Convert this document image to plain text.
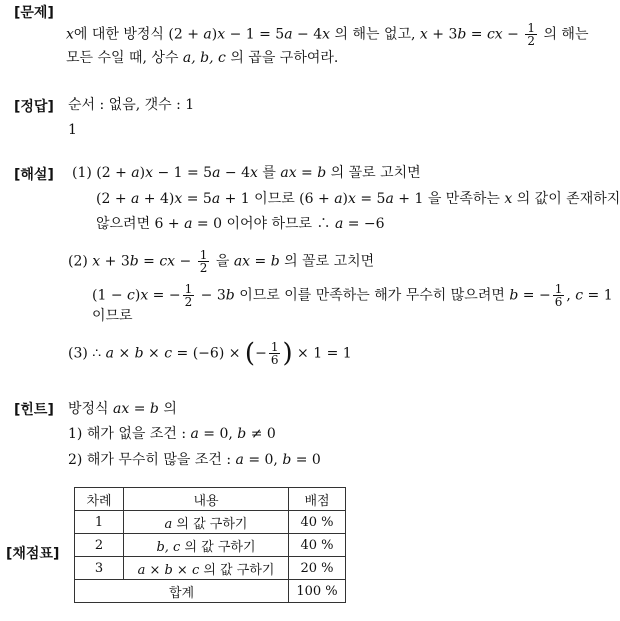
[문제]
[정답]
[해설]
[힌트]
[채점표]
x에 대한 방정식 (2 + a)x − 1 = 5a − 4x 의 해는 없고, x + 3b = cx − $\frac{1}{2}$ 의 해는
모든 수일 때, 상수 a, b, c 의 곱을 구하여라.
순서 : 없음, 갯수 : 1
1
(1) (2 + a)x − 1 = 5a − 4x 를 ax = b 의 꼴로 고치면
(2 + a + 4)x = 5a + 1 이므로 (6 + a)x = 5a + 1 을 만족하는 x 의 값이 존재하지
않으려면 6 + a = 0 이어야 하므로 ∴ a = −6
(2) x + 3b = cx − $\frac{1}{2}$ 을 ax = b 의 꼴로 고치면
(1 − c)x = − $\frac{1}{2} - 3b$ 이므로 이를 만족하는 해가 무수히 많으려면 b = − $\frac{1}{6}$ , c = 1
이므로
(3) ∴ a × b × c = (−6) × (− $\frac{1}{6}$ ) × 1 = 1
방정식 ax = b 의
1) 해가 없을 조건 : a = 0, b ≠ 0
2) 해가 무수히 많을 조건 : a = 0, b = 0
차례	내용	배점
1	a 의 값 구하기	40 %
2	b, c 의 값 구하기	40 %
3	a × b × c 의 값 구하기	20 %
합계		100 %
